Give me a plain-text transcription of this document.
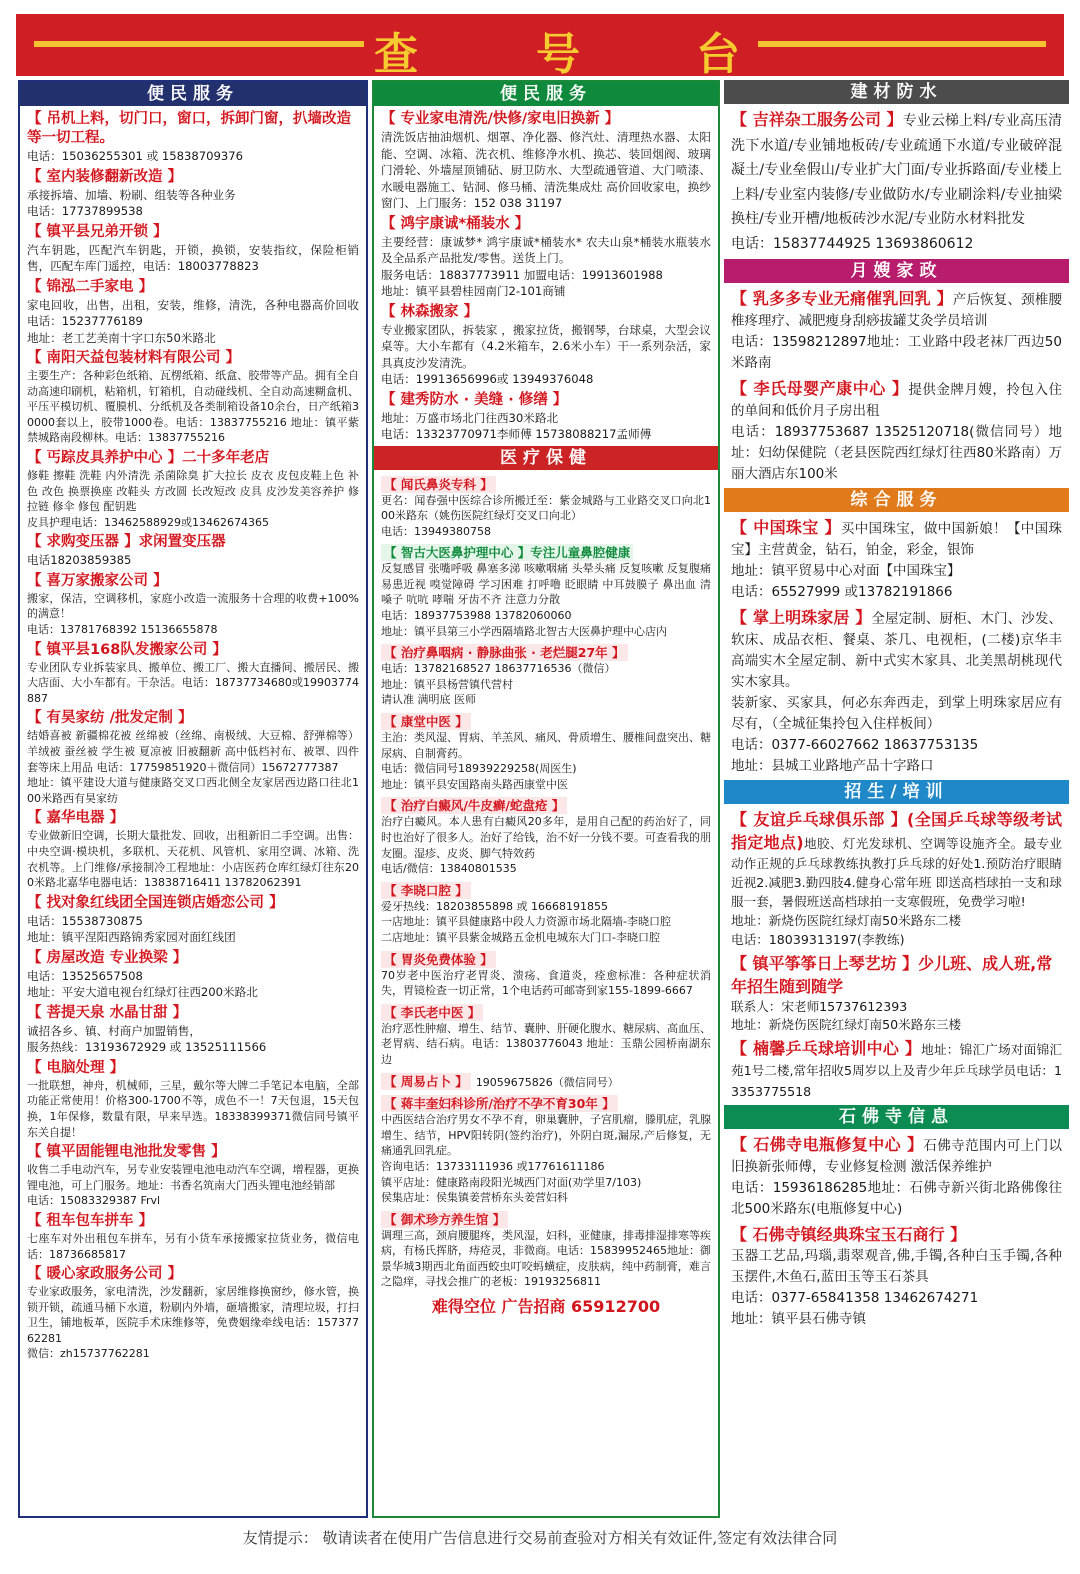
查	号	台
便民服务
【 吊机上料，切门口，窗口，拆卸门窗，扒墙改造等一切工程。
电话：15036255301 或 15838709376
【 室内装修翻新改造 】
承接拆墙、加墙、粉刷、组装等各种业务
电话：17737899538
【 镇平县兄弟开锁 】
汽车钥匙，匹配汽车钥匙，开锁，换锁，安装指纹，保险柜销售，匹配车库门遥控，电话：18003778823
【 锦泓二手家电 】
家电回收，出售，出租，安装，维修，清洗，各种电器高价回收 电话：15237776189
地址：老工艺美南十字口东50米路北
【 南阳天益包装材料有限公司 】
主要生产：各种彩色纸箱、瓦楞纸箱、纸盒、胶带等产品。拥有全自动高速印刷机，粘箱机，钉箱机，自动碰线机、全自动高速糊盒机、平压平模切机、覆膜机、分纸机及各类制箱设备10余台，日产纸箱30000套以上，胶带1000卷。电话：13837755216 地址：镇平紫禁城路南段柳林。电话：13837755216
【 丐踪皮具养护中心 】二十多年老店
修鞋 擦鞋 洗鞋 内外清洗 杀菌除臭 扩大拉长 皮衣 皮包皮鞋上色 补色 改色 换票换座 改鞋头 方改圆 长改短改 皮具 皮沙发美容养护 修拉链 修伞 修包 配钥匙
皮具护理电话：13462588929或13462674365
【 求购变压器 】求闲置变压器
电话18203859385
【 喜万家搬家公司 】
搬家，保洁，空调移机，家庭小改造一流服务十合理的收费+100%的满意！
电话：13781768392 15136655878
【 镇平县168队发搬家公司 】
专业团队专业拆装家具、搬单位、搬工厂、搬大直播间、搬居民、搬大店面、大小车都有。干杂活。电话：18737734680或19903774887
【 有昊家纺 /批发定制 】
结婚喜被 新疆棉花被 丝绵被（丝绵、南极绒、大豆棉、舒弹棉等） 羊绒被 蚕丝被 学生被 夏凉被 旧被翻新 高中低档衬布、被罩、四件套等床上用品 电话：17759851920＋微信同）15672777387
地址：镇平建设大道与健康路交叉口西北侧全友家居西边路口往北100米路西有昊家纺
【 嘉华电器 】
专业做新旧空调，长期大量批发、回收，出租新旧二手空调。出售：中央空调·模块机，多联机、天花机、风管机、家用空调、冰箱、洗衣机等。上门维修/承接制冷工程地址：小店医药仓库红绿灯往东200米路北嘉华电器电话：13838716411 13782062391
【 找对象红线团全国连锁店婚恋公司 】
电话：15538730875
地址：镇平涅阳西路锦秀家园对面红线团
【 房屋改造 专业换梁 】
电话：13525657508
地址：平安大道电视台红绿灯往西200米路北
【 菩提天泉 水晶甘甜 】
诚招各乡、镇、村商户加盟销售，
服务热线：13193672929 或 13525111566
【 电脑处理 】
一批联想，神舟，机械师，三星，戴尔等大牌二手笔记本电脑，全部功能正常使用！价格300-1700不等，成色不一！7天包退，15天包换，1年保修，数量有限，早来早选。18338399371微信同号镇平东关自提！
【 镇平固能锂电池批发零售 】
收售二手电动汽车，另专业安装锂电池电动汽车空调，增程器，更换锂电池，可上门服务。地址：书香名筑南大门西头锂电池经销部
电话：15083329387 Frvl
【 租车包车拼车 】
七座车对外出租包车拼车，另有小货车承接搬家拉货业务，微信电话：18736685817
【 暖心家政服务公司 】
专业家政服务，家电清洗，沙发翻新，家居维修换窗纱，修水管，换锁开锁，疏通马桶下水道，粉刷内外墙，砸墙搬家，清理垃圾，打扫卫生，铺地板革，医院手术床维修等，免费姻缘牵线电话：15737762281
微信：zh15737762281
便民服务
【 专业家电清洗/快修/家电旧换新 】
清洗饭店抽油烟机、烟罩、净化器、修汽灶、清理热水器、太阳能、空调、冰箱、洗衣机、维修净水机、换芯、装回烟阀、玻璃门滑轮、外墙屋顶铺砧、厨卫防水、大型疏通管道、大门喷漆、水暖电器施工、钻洞、修马桶、清洗集成灶 高价回收家电，换纱窗门、上门服务：152 038 31197
【 鸿宇康诚*桶装水 】
主要经营：康诚梦* 鸿宇康诚*桶装水* 农夫山泉*桶装水瓶装水及全品系产品批发/零售。送货上门。
服务电话：18837773911 加盟电话：19913601988
地址：镇平县碧桂园南门2-101商铺
【 林森搬家 】
专业搬家团队，拆装家 ，搬家拉货，搬钢琴，台球桌，大型会议桌等。大小车都有（4.2米箱车，2.6米小车）干一系列杂活，家具真皮沙发清洗。
电话：19913656996或 13949376048
【 建秀防水 · 美缝 · 修缮 】
地址：万盛市场北门往西30米路北
电话：13323770971李师傅 15738088217孟师傅
医疗保健
【 闻氏鼻炎专科 】
更名：闻春强中医综合诊所搬迁至：紫金城路与工业路交叉口向北100米路东（姚伤医院红绿灯交叉口向北）
电话：13949380758
【 智古大医鼻护理中心 】专注儿童鼻腔健康
反复感冒 张嘴呼吸 鼻塞多涕 咳嗽咽痛 头晕头痛 反复咳嗽 反复腹痛 易患近视 嗅觉障碍 学习困难 打呼噜 眨眼睛 中耳鼓膜子 鼻出血 清嗓子 吭吭 哮喘 牙齿不齐 注意力分散
电话：18937753988 13782060060
地址：镇平县第三小学西隔墙路北智古大医鼻护理中心店内
【 治疗鼻咽病 · 静脉曲张 · 老烂腿27年 】
电话：13782168527 18637716536（微信）
地址：镇平县杨营镇代营村
请认准 满明底 医师
【 康堂中医 】
主治：类风湿、胃病、羊羔风、痛风、骨质增生、腰椎间盘突出、糖尿病、自制膏药。
电话：微信同号18939229258(周医生)
地址：镇平县安国路南头路西康堂中医
【 治疗白癜风/牛皮癣/蛇盘疮 】
治疗白癜风。本人患有白癜风20多年，是用自己配的药治好了，同时也治好了很多人。治好了给钱，治不好一分钱不要。可查看我的朋友圈。湿疹、皮炎、脚气特效药
电话/微信：13840801535
【 李晓口腔 】
爱牙热线：18203855898 或 16668191855
一店地址：镇平县健康路中段人力资源市场北隔墙-李晓口腔
二店地址：镇平县紫金城路五金机电城东大门口-李晓口腔
【 胃炎免费体验 】
70岁老中医治疗老胃炎、溃疡、食道炎，痊愈标准：各种症状消失，胃镜检查一切正常，1个电话药可邮寄到家155-1899-6667
【 李氏老中医 】
治疗恶性肿瘤、增生、结节、囊肿、肝硬化腹水、糖尿病、高血压、老胃病、结石病。电话：13803776043 地址：玉鼎公园桥南湖东边
【 周易占卜 】 19059675826（微信同号）
【 蒋丰奎妇科诊所/治疗不孕不育30年 】
中西医结合治疗男女不孕不育，卵巢囊肿，子宫肌瘤，滕肌症，乳腺增生、结节，HPV阳转阴(签约治疗)，外阴白斑,漏尿,产后修复，无痛通乳回乳症。
咨询电话：13733111936 或17761611186
镇平店址：健康路南段阳光城西门对面(劝学里7/103)
侯集店址：侯集镇姜营桥东头姜营妇科
【 御术珍方养生馆 】
调理三高，颈肩腰腿疼，类风湿，妇科，亚健康，排毒排湿排寒等疾病，有杨氏挥脐，痔疮灵，非微商。电话：15839952465地址：御景华城3期西北角面西蛟虫叮咬蚂蟥症，皮肤病，纯中药制膏，难言之隐痒，寻找会推广的老板：19193256811
难得空位 广告招商 65912700
建材防水
【 吉祥杂工服务公司 】专业云梯上料/专业高压清洗下水道/专业铺地板砖/专业疏通下水道/专业破碎混凝土/专业垒假山/专业扩大门面/专业拆路面/专业楼上上料/专业室内装修/专业做防水/专业刷涂料/专业抽梁换柱/专业开槽/地板砖沙水泥/专业防水材料批发
电话：15837744925 13693860612
月嫂家政
【 乳多多专业无痛催乳回乳 】产后恢复、颈椎腰椎疼理疗、减肥瘦身刮痧拔罐艾灸学员培训
电话：13598212897地址：工业路中段老袜厂西边50米路南
【 李氏母婴产康中心 】提供金牌月嫂，拎包入住的单间和低价月子房出租
电话：18937753687 13525120718(微信同号）地址：妇幼保健院（老县医院西红绿灯往西80米路南）万丽大酒店东100米
综合服务
【 中国珠宝 】买中国珠宝，做中国新娘！【中国珠宝】主营黄金，钻石，铂金，彩金，银饰
地址：镇平贸易中心对面【中国珠宝】
电话：65527999 或13782191866
【 掌上明珠家居 】全屋定制、厨柜、木门、沙发、软床、成品衣柜、餐桌、茶几、电视柜，(二楼)京华丰高端实木全屋定制、新中式实木家具、北美黑胡桃现代实木家具。
装新家、买家具，何必东奔西走，到掌上明珠家居应有尽有，（全城征集拎包入住样板间）
电话：0377-66027662 18637753135
地址：县城工业路地产品十字路口
招生/培训
【 友谊乒乓球俱乐部 】(全国乒乓球等级考试指定地点)地胶、灯光发球机、空调等设施齐全。最专业动作正规的乒乓球教练执教打乒乓球的好处1.预防治疗眼睛近视2.减肥3.勤四肢4.健身心常年班 即送高档球拍一支和球服一套，暑假班送高档球拍一支寒假班，免费学习啦!
地址：新烧伤医院红绿灯南50米路东二楼
电话：18039313197(李教练)
【 镇平筝筝日上琴艺坊 】少儿班、成人班,常年招生随到随学
联系人：宋老师15737612393
地址：新烧伤医院红绿灯南50米路东三楼
【 楠馨乒乓球培训中心 】地址：锦汇广场对面锦汇苑1号二楼,常年招收5周岁以上及青少年乒乓球学员电话：13353775518
石佛寺信息
【 石佛寺电瓶修复中心 】石佛寺范围内可上门以旧换新张师傅，专业修复检测 激活保养维护
电话：15936186285地址：石佛寺新兴街北路佛像往北500米路东(电瓶修复中心)
【 石佛寺镇经典珠宝玉石商行 】
玉器工艺品,玛瑙,翡翠观音,佛,手镯,各种白玉手镯,各种玉摆件,木鱼石,蓝田玉等玉石茶具
电话：0377-65841358 13462674271
地址：镇平县石佛寺镇
友情提示： 敬请读者在使用广告信息进行交易前查验对方相关有效证件,签定有效法律合同
